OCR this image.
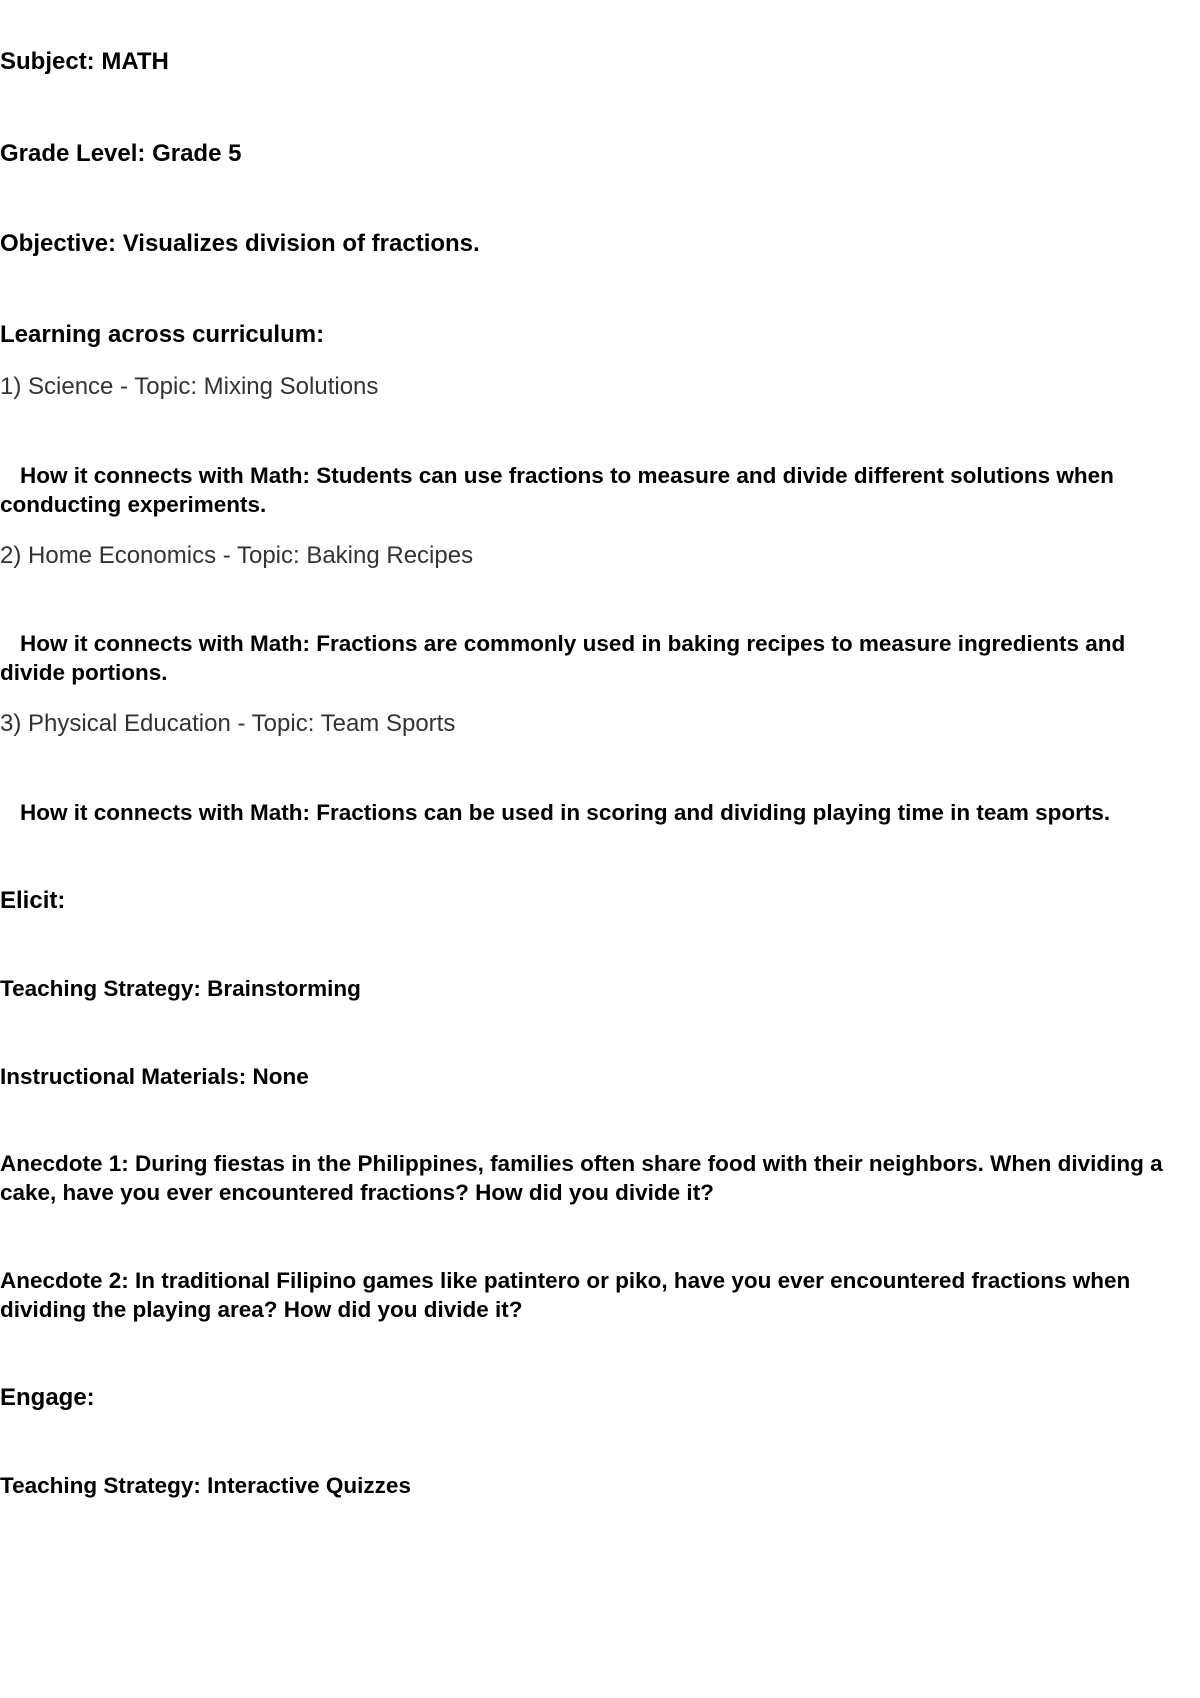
Subject: MATH

Grade Level: Grade 5

Objective: Visualizes division of fractions.

Learning across curriculum:

1) Science - Topic: Mixing Solutions

How it connects with Math: Students can use fractions to measure and divide different solutions when conducting experiments.

2) Home Economics - Topic: Baking Recipes

How it connects with Math: Fractions are commonly used in baking recipes to measure ingredients and divide portions.

3) Physical Education - Topic: Team Sports

How it connects with Math: Fractions can be used in scoring and dividing playing time in team sports.

Elicit:

Teaching Strategy: Brainstorming

Instructional Materials: None

Anecdote 1: During fiestas in the Philippines, families often share food with their neighbors. When dividing a cake, have you ever encountered fractions? How did you divide it?

Anecdote 2: In traditional Filipino games like patintero or piko, have you ever encountered fractions when dividing the playing area? How did you divide it?

Engage:

Teaching Strategy: Interactive Quizzes
